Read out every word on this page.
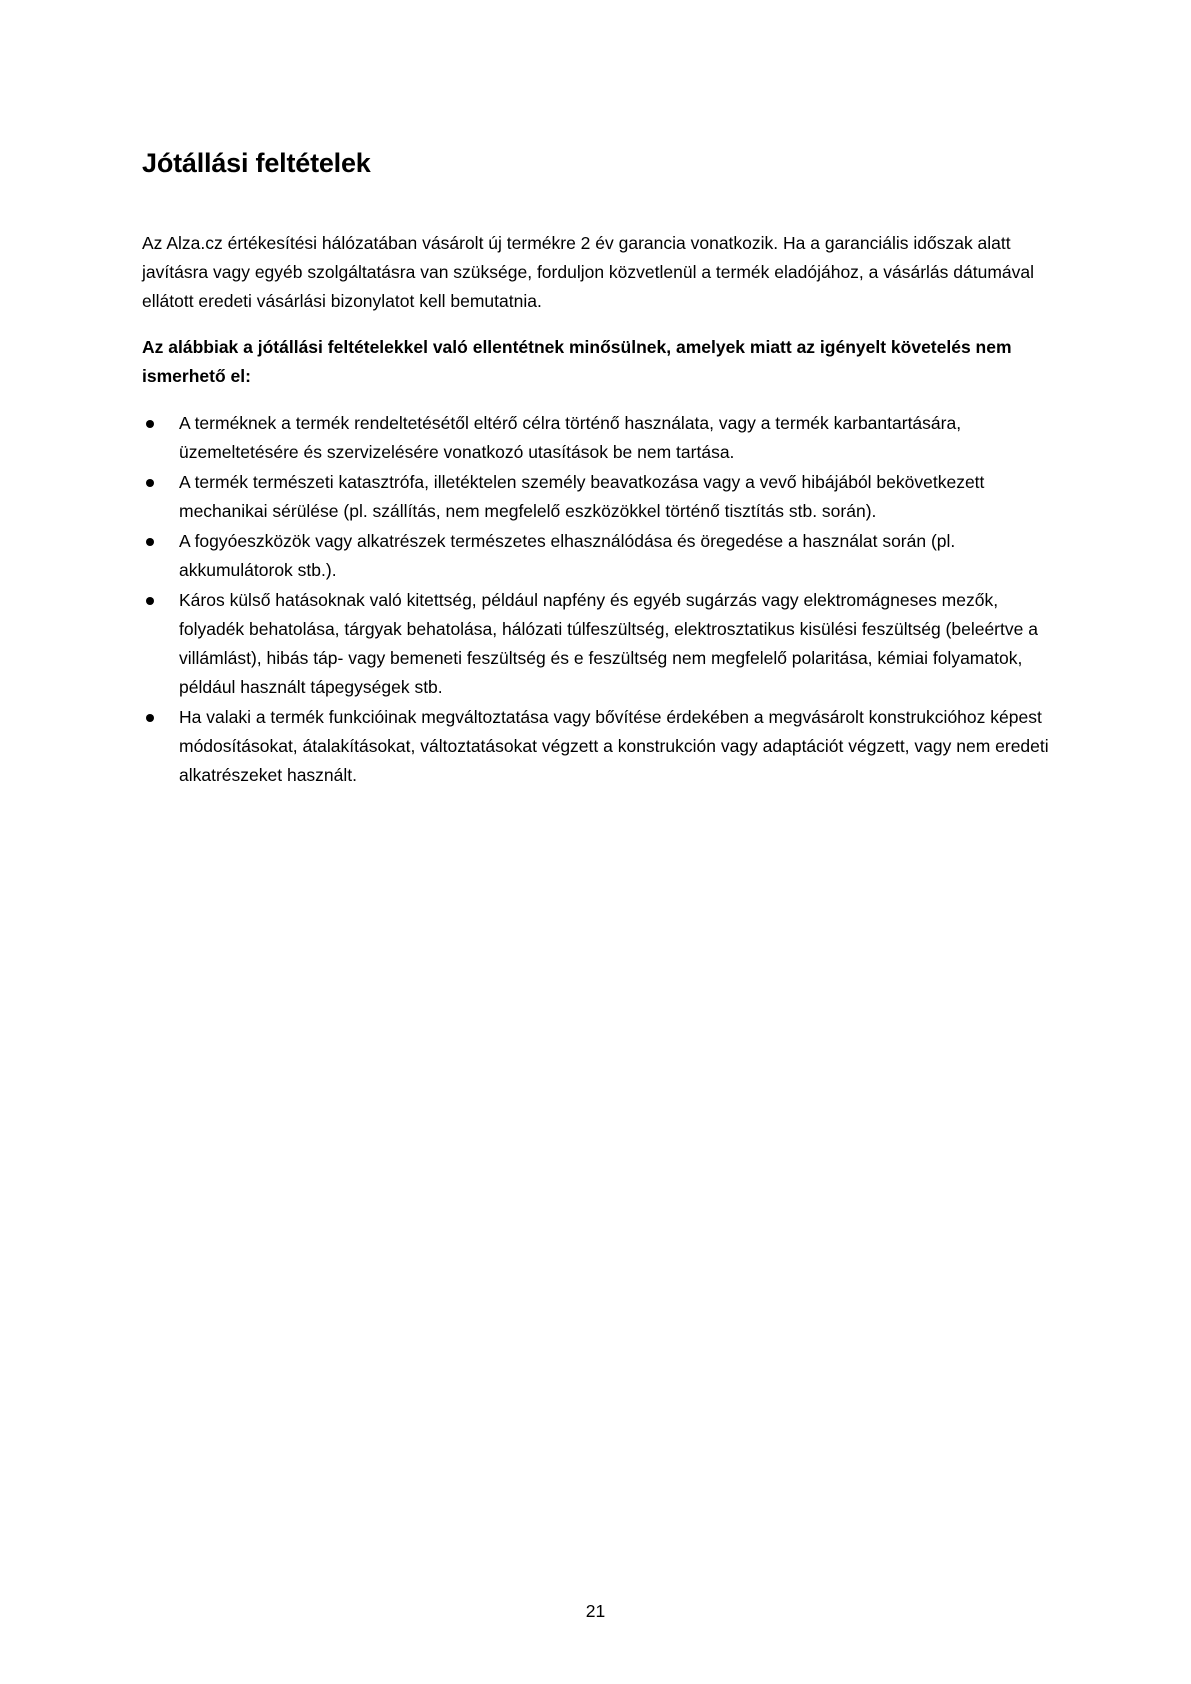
Jótállási feltételek

Az Alza.cz értékesítési hálózatában vásárolt új termékre 2 év garancia vonatkozik. Ha a garanciális időszak alatt javításra vagy egyéb szolgáltatásra van szüksége, forduljon közvetlenül a termék eladójához, a vásárlás dátumával ellátott eredeti vásárlási bizonylatot kell bemutatnia.

Az alábbiak a jótállási feltételekkel való ellentétnek minősülnek, amelyek miatt az igényelt követelés nem ismerhető el:

A terméknek a termék rendeltetésétől eltérő célra történő használata, vagy a termék karbantartására, üzemeltetésére és szervizelésére vonatkozó utasítások be nem tartása.
A termék természeti katasztrófa, illetéktelen személy beavatkozása vagy a vevő hibájából bekövetkezett mechanikai sérülése (pl. szállítás, nem megfelelő eszközökkel történő tisztítás stb. során).
A fogyóeszközök vagy alkatrészek természetes elhasználódása és öregedése a használat során (pl. akkumulátorok stb.).
Káros külső hatásoknak való kitettség, például napfény és egyéb sugárzás vagy elektromágneses mezők, folyadék behatolása, tárgyak behatolása, hálózati túlfeszültség, elektrosztatikus kisülési feszültség (beleértve a villámlást), hibás táp- vagy bemeneti feszültség és e feszültség nem megfelelő polaritása, kémiai folyamatok, például használt tápegységek stb.
Ha valaki a termék funkcióinak megváltoztatása vagy bővítése érdekében a megvásárolt konstrukcióhoz képest módosításokat, átalakításokat, változtatásokat végzett a konstrukción vagy adaptációt végzett, vagy nem eredeti alkatrészeket használt.

21
